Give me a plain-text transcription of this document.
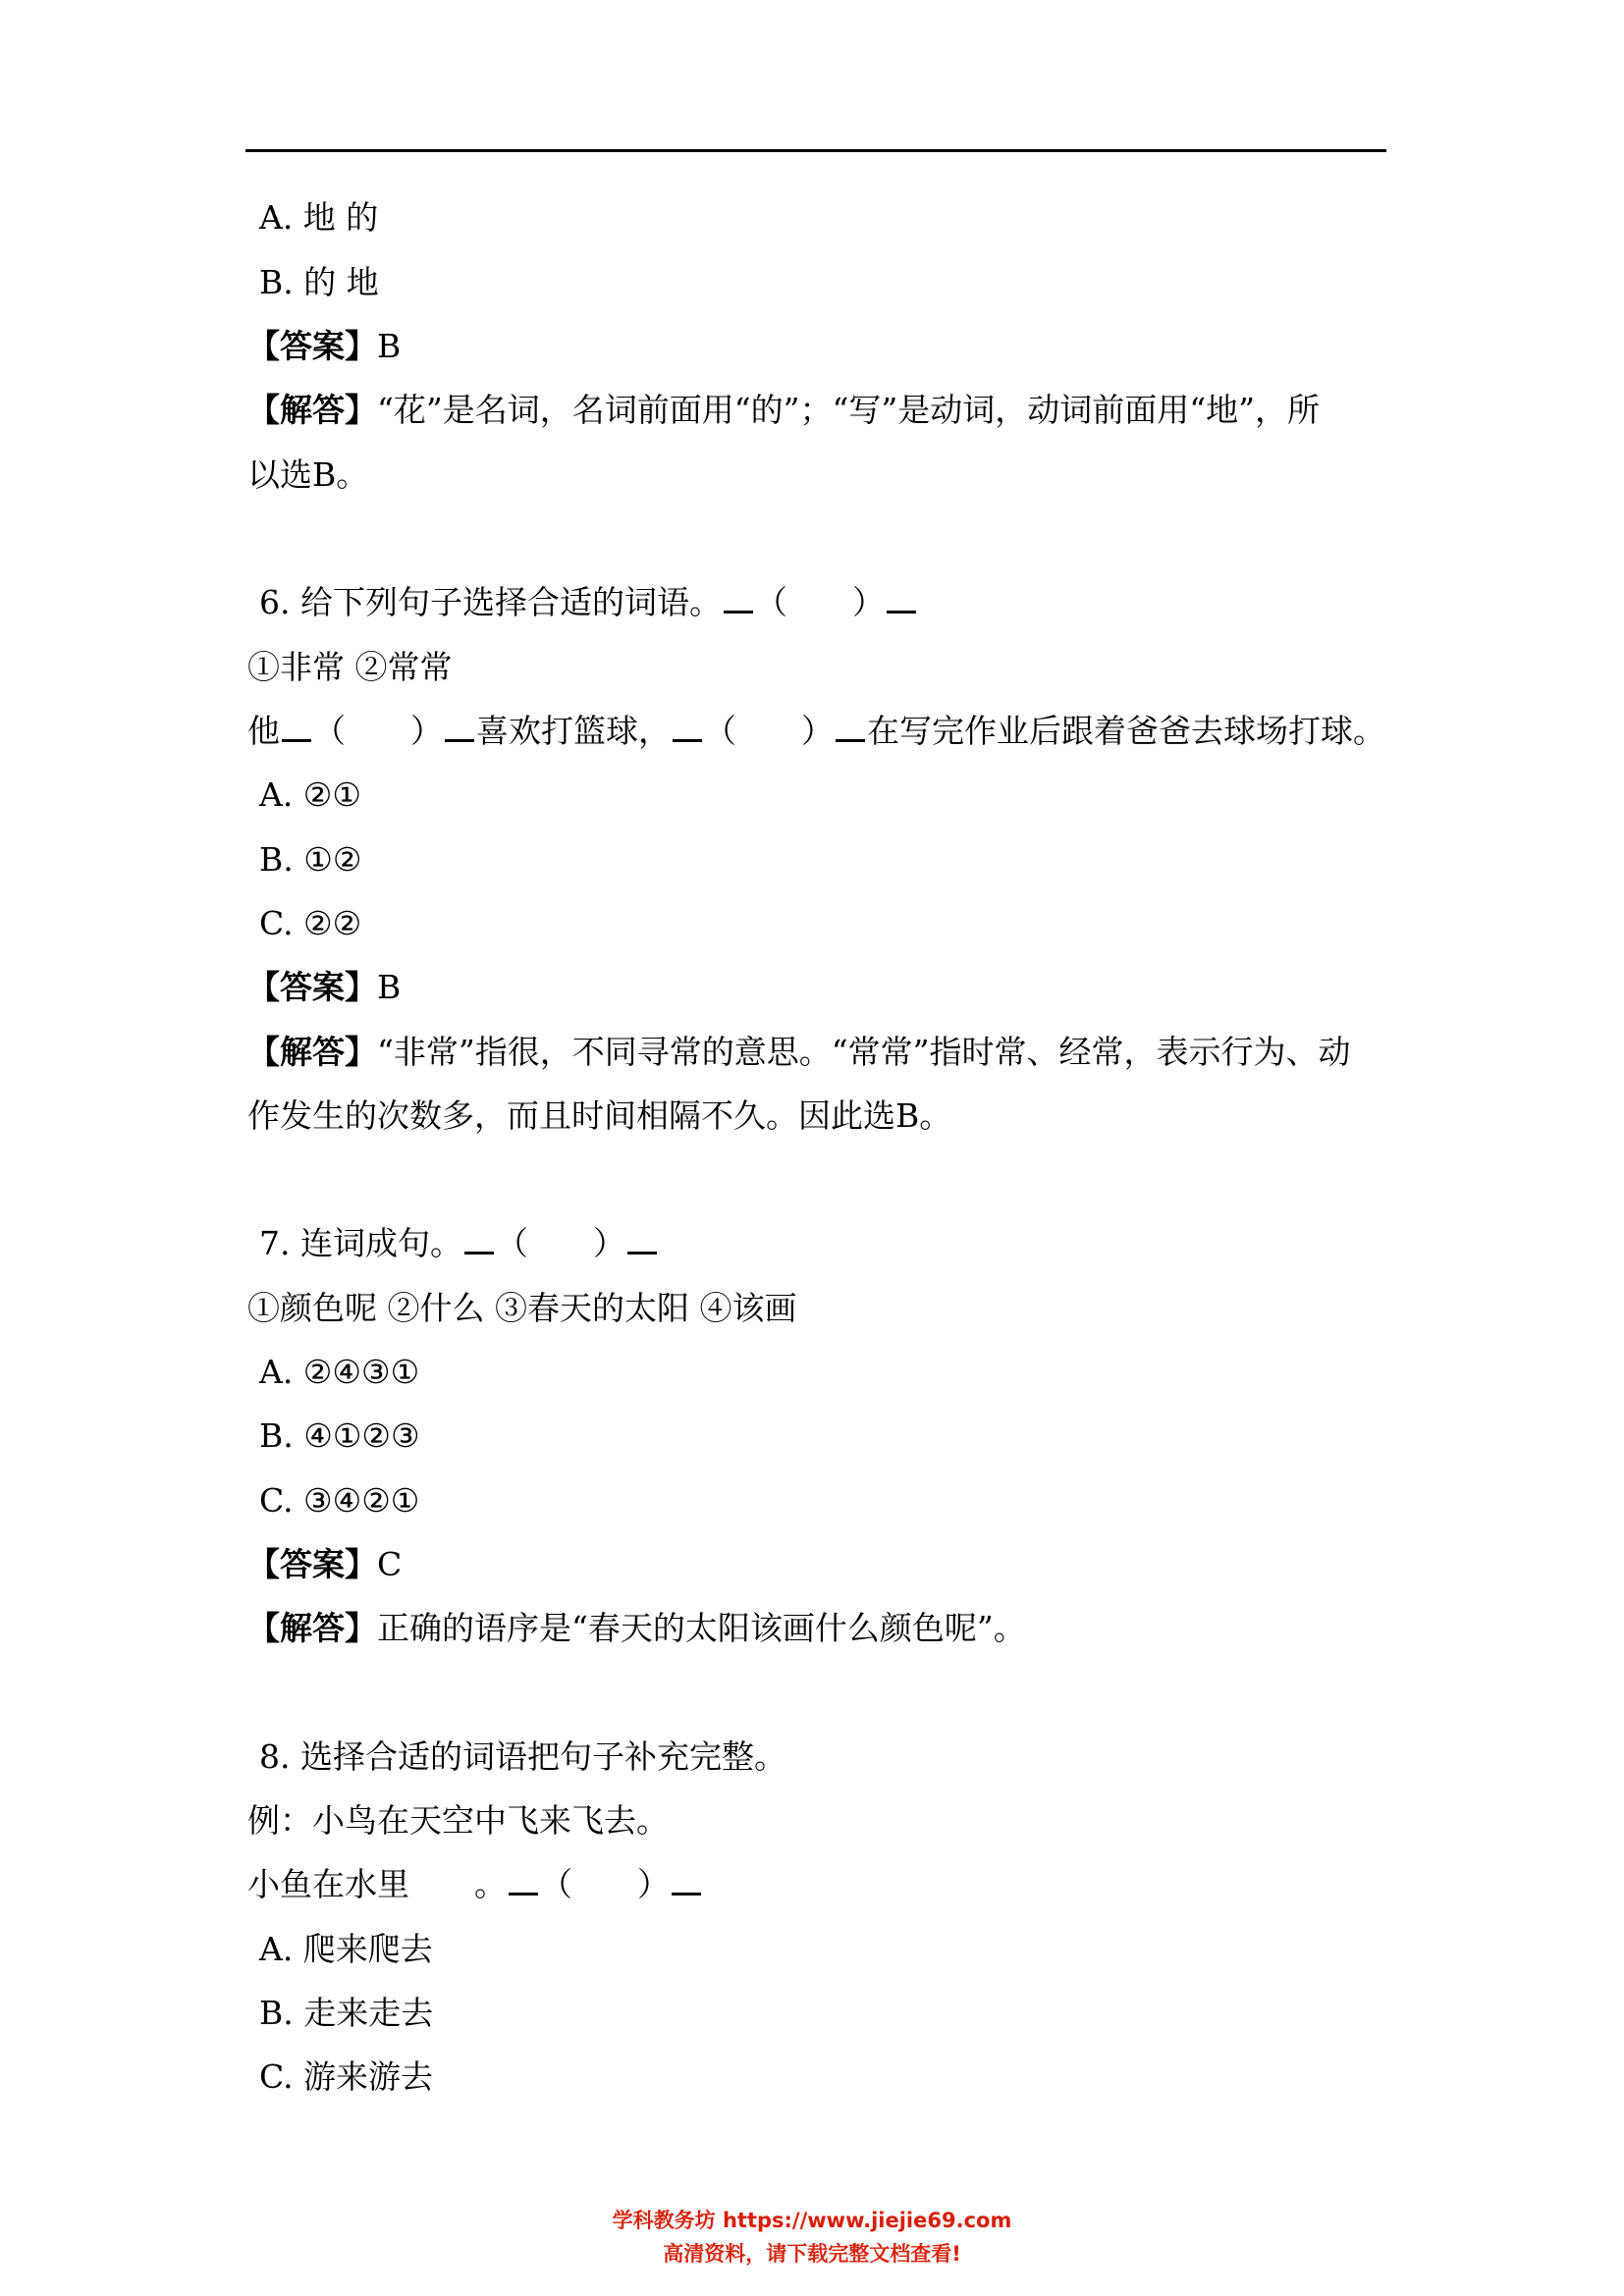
A. 地 的
B. 的 地
【答案】B
【解答】“花”是名词，名词前面用“的”；“写”是动词，动词前面用“地”，所
以选B。
6. 给下列句子选择合适的词语。 （　　）
①非常 ②常常
他 （　　） 喜欢打篮球， （　　） 在写完作业后跟着爸爸去球场打球。
A. ②①
B. ①②
C. ②②
【答案】B
【解答】“非常”指很，不同寻常的意思。“常常”指时常、经常，表示行为、动
作发生的次数多，而且时间相隔不久。因此选B。
7. 连词成句。 （　　）
①颜色呢 ②什么 ③春天的太阳 ④该画
A. ②④③①
B. ④①②③
C. ③④②①
【答案】C
【解答】正确的语序是“春天的太阳该画什么颜色呢”。
8. 选择合适的词语把句子补充完整。
例：小鸟在天空中飞来飞去。
小鱼在水里　　。 （　　）
A. 爬来爬去
B. 走来走去
C. 游来游去
学科教务坊 https://www.jiejie69.com
高清资料，请下载完整文档查看!
